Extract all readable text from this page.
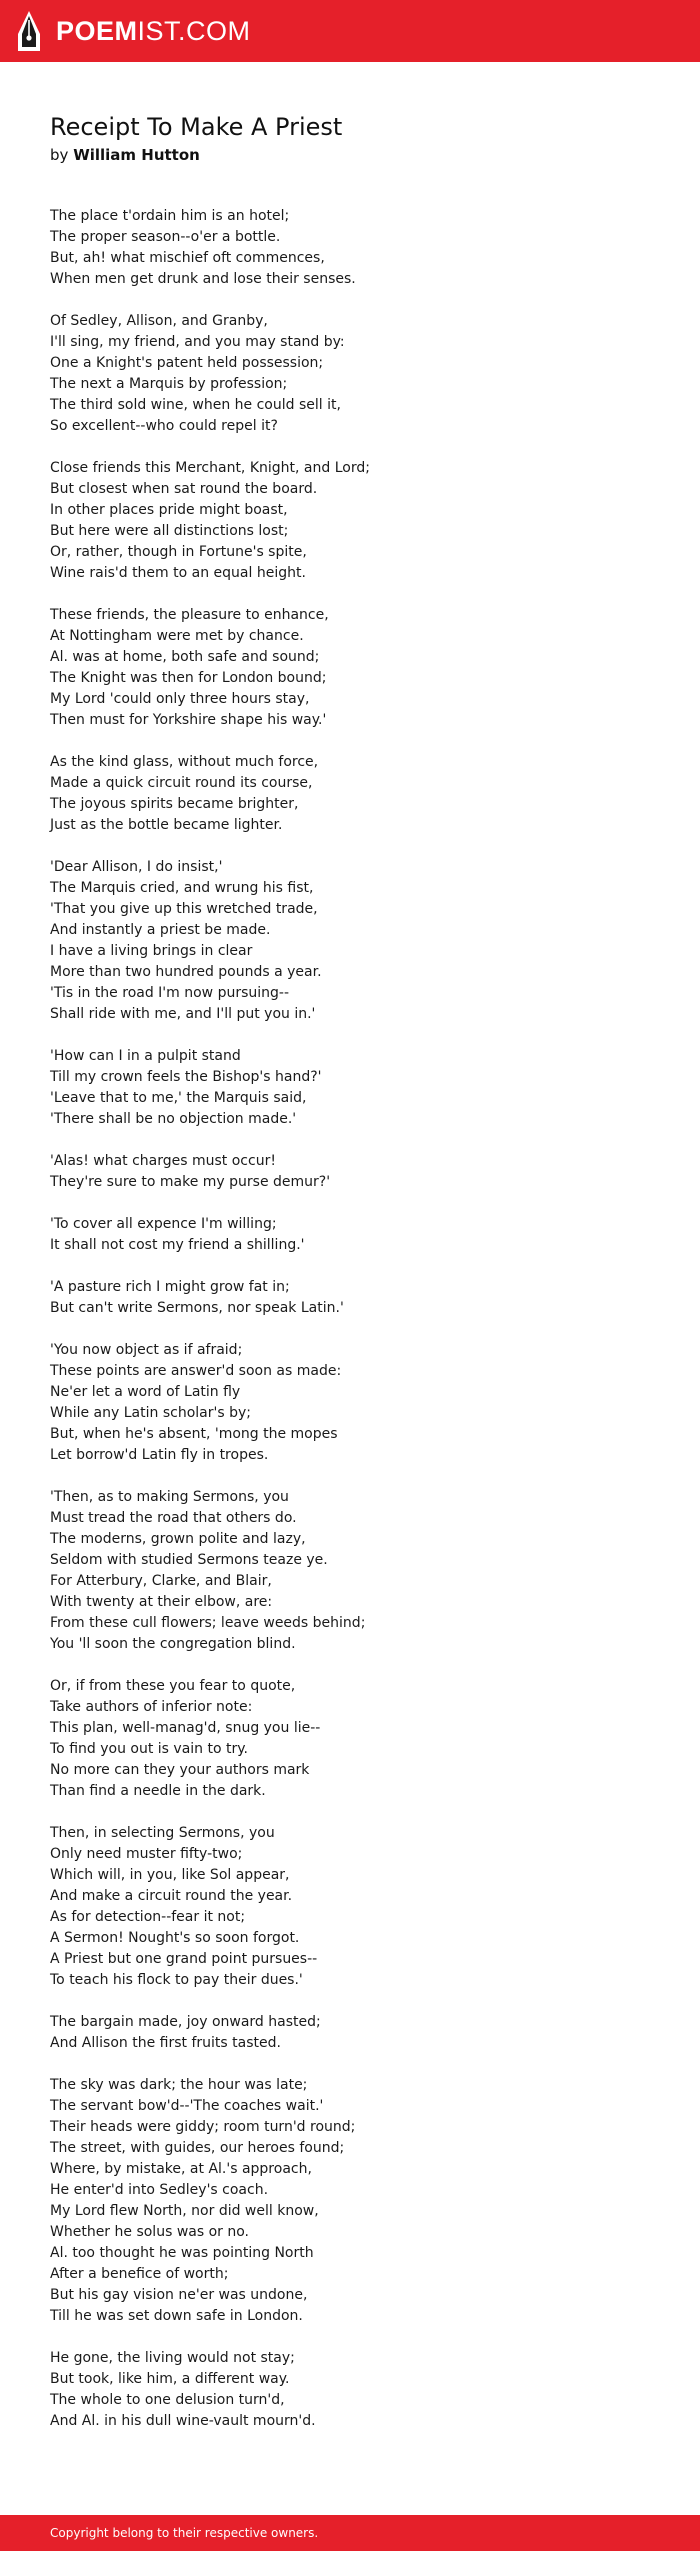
POEMIST.COM
Receipt To Make A Priest
by William Hutton
The place t'ordain him is an hotel;
The proper season--o'er a bottle.
But, ah! what mischief oft commences,
When men get drunk and lose their senses.
Of Sedley, Allison, and Granby,
I'll sing, my friend, and you may stand by:
One a Knight's patent held possession;
The next a Marquis by profession;
The third sold wine, when he could sell it,
So excellent--who could repel it?
Close friends this Merchant, Knight, and Lord;
But closest when sat round the board.
In other places pride might boast,
But here were all distinctions lost;
Or, rather, though in Fortune's spite,
Wine rais'd them to an equal height.
These friends, the pleasure to enhance,
At Nottingham were met by chance.
Al. was at home, both safe and sound;
The Knight was then for London bound;
My Lord 'could only three hours stay,
Then must for Yorkshire shape his way.'
As the kind glass, without much force,
Made a quick circuit round its course,
The joyous spirits became brighter,
Just as the bottle became lighter.
'Dear Allison, I do insist,'
The Marquis cried, and wrung his fist,
'That you give up this wretched trade,
And instantly a priest be made.
I have a living brings in clear
More than two hundred pounds a year.
'Tis in the road I'm now pursuing--
Shall ride with me, and I'll put you in.'
'How can I in a pulpit stand
Till my crown feels the Bishop's hand?'
'Leave that to me,' the Marquis said,
'There shall be no objection made.'
'Alas! what charges must occur!
They're sure to make my purse demur?'
'To cover all expence I'm willing;
It shall not cost my friend a shilling.'
'A pasture rich I might grow fat in;
But can't write Sermons, nor speak Latin.'
'You now object as if afraid;
These points are answer'd soon as made:
Ne'er let a word of Latin fly
While any Latin scholar's by;
But, when he's absent, 'mong the mopes
Let borrow'd Latin fly in tropes.
'Then, as to making Sermons, you
Must tread the road that others do.
The moderns, grown polite and lazy,
Seldom with studied Sermons teaze ye.
For Atterbury, Clarke, and Blair,
With twenty at their elbow, are:
From these cull flowers; leave weeds behind;
You 'll soon the congregation blind.
Or, if from these you fear to quote,
Take authors of inferior note:
This plan, well-manag'd, snug you lie--
To find you out is vain to try.
No more can they your authors mark
Than find a needle in the dark.
Then, in selecting Sermons, you
Only need muster fifty-two;
Which will, in you, like Sol appear,
And make a circuit round the year.
As for detection--fear it not;
A Sermon! Nought's so soon forgot.
A Priest but one grand point pursues--
To teach his flock to pay their dues.'
The bargain made, joy onward hasted;
And Allison the first fruits tasted.
The sky was dark; the hour was late;
The servant bow'd--'The coaches wait.'
Their heads were giddy; room turn'd round;
The street, with guides, our heroes found;
Where, by mistake, at Al.'s approach,
He enter'd into Sedley's coach.
My Lord flew North, nor did well know,
Whether he solus was or no.
Al. too thought he was pointing North
After a benefice of worth;
But his gay vision ne'er was undone,
Till he was set down safe in London.
He gone, the living would not stay;
But took, like him, a different way.
The whole to one delusion turn'd,
And Al. in his dull wine-vault mourn'd.
Copyright belong to their respective owners.
